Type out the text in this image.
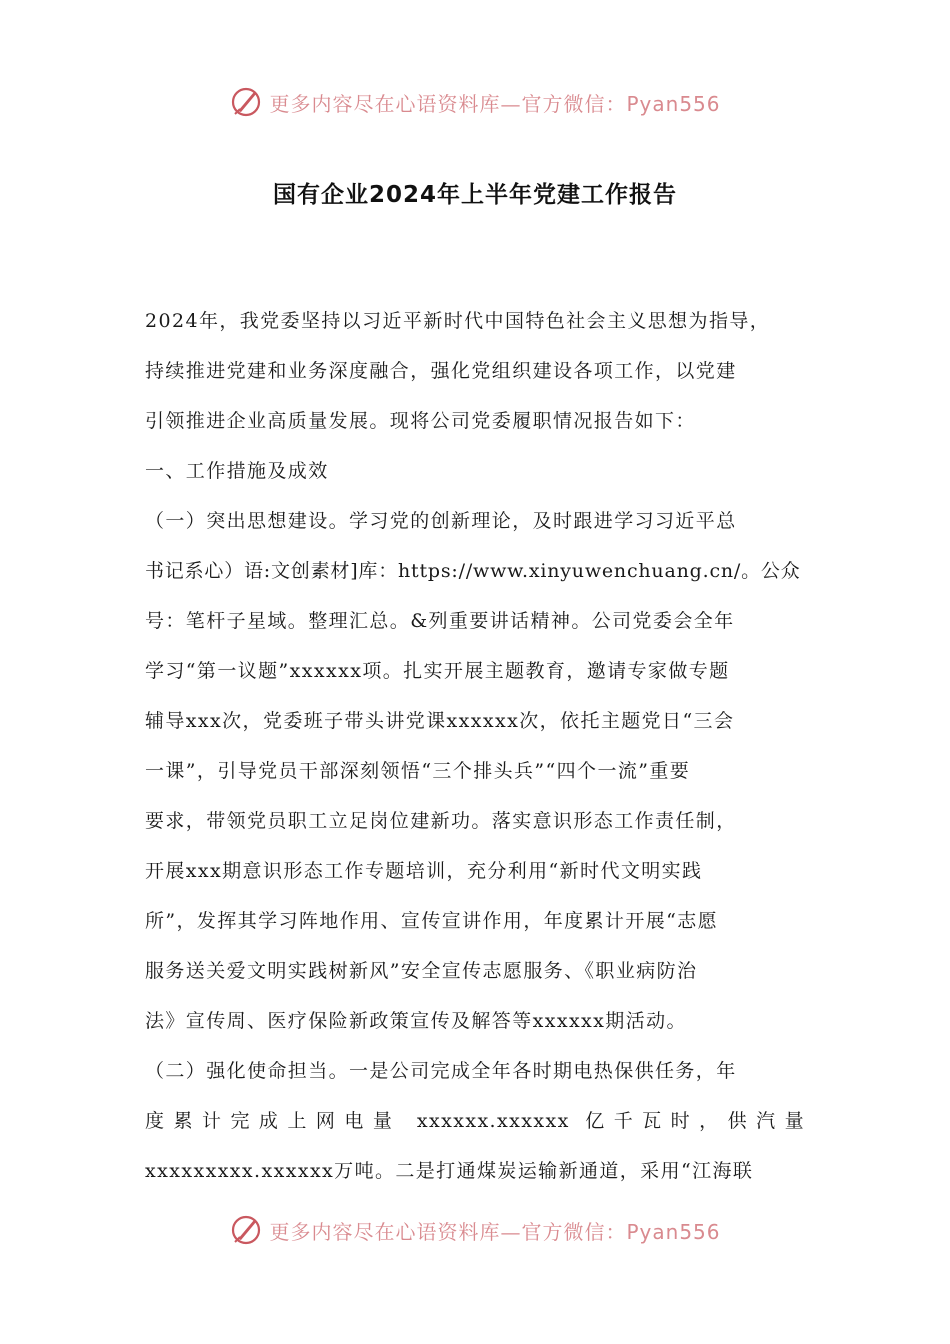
更多内容尽在心语资料库—官方微信：Pyan556
国有企业2024年上半年党建工作报告
2024年，我党委坚持以习近平新时代中国特色社会主义思想为指导，
持续推进党建和业务深度融合，强化党组织建设各项工作，以党建
引领推进企业高质量发展。现将公司党委履职情况报告如下：
一、工作措施及成效
（一）突出思想建设。学习党的创新理论，及时跟进学习习近平总
书记系心）语:文创素材]库：https://www.xinyuwenchuang.cn/。公众
号：笔杆子星域。整理汇总。&列重要讲话精神。公司党委会全年
学习“第一议题”xxxxxx项。扎实开展主题教育，邀请专家做专题
辅导xxx次，党委班子带头讲党课xxxxxx次，依托主题党日“三会
一课”，引导党员干部深刻领悟“三个排头兵”“四个一流”重要
要求，带领党员职工立足岗位建新功。落实意识形态工作责任制，
开展xxx期意识形态工作专题培训，充分利用“新时代文明实践
所”，发挥其学习阵地作用、宣传宣讲作用，年度累计开展“志愿
服务送关爱文明实践树新风”安全宣传志愿服务、《职业病防治
法》宣传周、医疗保险新政策宣传及解答等xxxxxx期活动。
（二）强化使命担当。一是公司完成全年各时期电热保供任务，年
度累计完成上网电量 xxxxxx.xxxxxx 亿千瓦时，供汽量
xxxxxxxxx.xxxxxx万吨。二是打通煤炭运输新通道，采用“江海联
更多内容尽在心语资料库—官方微信：Pyan556
